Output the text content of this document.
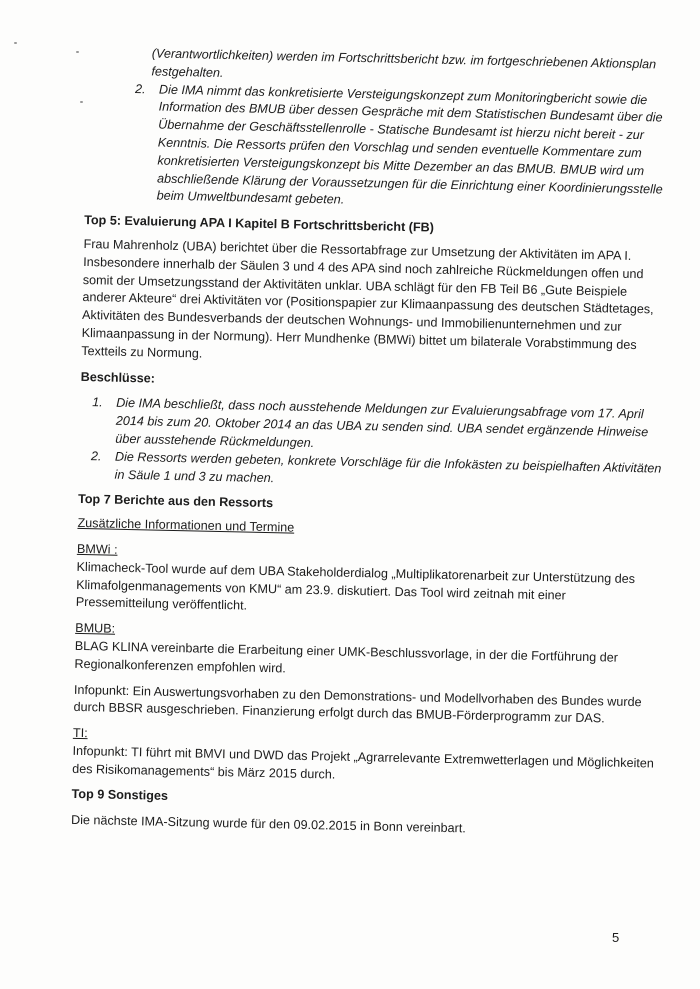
(Verantwortlichkeiten) werden im Fortschrittsbericht bzw. im fortgeschriebenen Aktionsplan festgehalten.

2. Die IMA nimmt das konkretisierte Versteigungskonzept zum Monitoringbericht sowie die Information des BMUB über dessen Gespräche mit dem Statistischen Bundesamt über die Übernahme der Geschäftsstellenrolle - Statische Bundesamt ist hierzu nicht bereit - zur Kenntnis. Die Ressorts prüfen den Vorschlag und senden eventuelle Kommentare zum konkretisierten Versteigungskonzept bis Mitte Dezember an das BMUB. BMUB wird um abschließende Klärung der Voraussetzungen für die Einrichtung einer Koordinierungsstelle beim Umweltbundesamt gebeten.

Top 5: Evaluierung APA I Kapitel B Fortschrittsbericht (FB)

Frau Mahrenholz (UBA) berichtet über die Ressortabfrage zur Umsetzung der Aktivitäten im APA I. Insbesondere innerhalb der Säulen 3 und 4 des APA sind noch zahlreiche Rückmeldungen offen und somit der Umsetzungsstand der Aktivitäten unklar. UBA schlägt für den FB Teil B6 „Gute Beispiele anderer Akteure“ drei Aktivitäten vor (Positionspapier zur Klimaanpassung des deutschen Städtetages, Aktivitäten des Bundesverbands der deutschen Wohnungs- und Immobilienunternehmen und zur Klimaanpassung in der Normung). Herr Mundhenke (BMWi) bittet um bilaterale Vorabstimmung des Textteils zu Normung.

Beschlüsse:

1. Die IMA beschließt, dass noch ausstehende Meldungen zur Evaluierungsabfrage vom 17. April 2014 bis zum 20. Oktober 2014 an das UBA zu senden sind. UBA sendet ergänzende Hinweise über ausstehende Rückmeldungen.
2. Die Ressorts werden gebeten, konkrete Vorschläge für die Infokästen zu beispielhaften Aktivitäten in Säule 1 und 3 zu machen.

Top 7 Berichte aus den Ressorts

Zusätzliche Informationen und Termine

BMWi :

Klimacheck-Tool wurde auf dem UBA Stakeholderdialog „Multiplikatorenarbeit zur Unterstützung des Klimafolgenmanagements von KMU“ am 23.9. diskutiert. Das Tool wird zeitnah mit einer Pressemitteilung veröffentlicht.

BMUB:

BLAG KLINA vereinbarte die Erarbeitung einer UMK-Beschlussvorlage, in der die Fortführung der Regionalkonferenzen empfohlen wird.

Infopunkt: Ein Auswertungsvorhaben zu den Demonstrations- und Modellvorhaben des Bundes wurde durch BBSR ausgeschrieben. Finanzierung erfolgt durch das BMUB-Förderprogramm zur DAS.

TI:

Infopunkt: TI führt mit BMVI und DWD das Projekt „Agrarrelevante Extremwetterlagen und Möglichkeiten des Risikomanagements“ bis März 2015 durch.

Top 9 Sonstiges

Die nächste IMA-Sitzung wurde für den 09.02.2015 in Bonn vereinbart.

5
